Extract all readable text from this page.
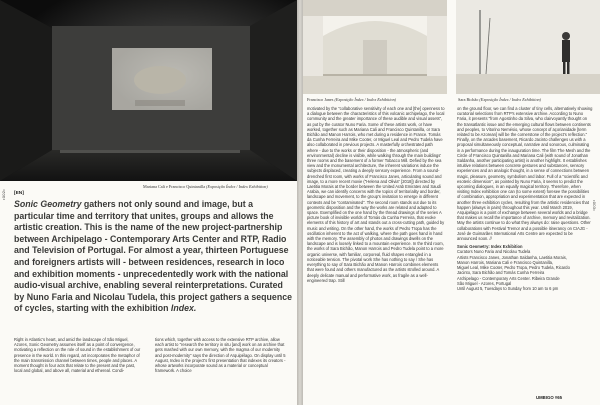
Mariana Cali e Francisco Quintanilla (Exposição Índex / Index Exhibition)
•002• [EN]

Sonic Geometry gathers not only sound and image, but a particular time and territory that unites, groups and allows the artistic creation. This is the name of the new project-partnership between Archipelago - Contemporary Arts Center and RTP, Radio and Television of Portugal. For almost a year, thirteen Portuguese and foreigners artists will - between residences, research in loco and exhibition moments - unprecedentedly work with the national audio-visual archive, enabling several reinterpretations. Curated by Nuno Faria and Nicolau Tudela, this project gathers a sequence of cycles, starting with the exhibition Index.

Right in Atlantic's heart, and amid the landscape of São Miguel, Azores, Sonic Geometry assumes itself as a point of convergence, motivating a reflection on the role of sound in the establishment of our presence in the world. In this regard, art incorporates the metaphor of the main transmission channel between times, people and places. A moment thought in four acts that relate to the present and the past, local and global, and above all, material and ethereal. Condi-

tions which, together with access to the extensive RTP archive, allow each artist to "research the territory in situ [and] work on an archive that gets mashed with our own memory, with the magma of our modernity and post-modernity" says the direction of Arquipélago. On display until 5 August, Index is the project's first presentation that indexes its creators - whose artworks incorporate sound as a material or conceptual framework. A choice

Francisco Janes (Exposição Índex / Index Exhibition)	Sara Bichão (Exposição Índex / Index Exhibition)

motivated by the "collaborative sensitivity of each one and [the] openness to a dialogue between the characteristics of this volcanic archipelago, the local community and the greater importance of these audible and visual assets", as put by the curator Nuno Faria. Some of these artists work, or have worked, together such as Mariana Cali and Francisco Quintanilla, or Sara Bichão and Manon Harrois, who met during a residence in France. Tomás da Cunha Ferreira and Mike Cooter, or Miguel Leal and Pedro Tudela have also collaborated in previous projects. A masterfully orchestrated path where - due to the works or their disposition - the atmospheric (and environmental) decline is visible, while walking through the main buildings' three rooms and the basement of a former Tobacco Mill. Defied by the sea view and the monumental architecture, the inherent variations induce the subjects displaced, creating a deeply sensory experience. From a sound-drenched first room, with works of Francisco Janes, articulating sound and image, to a more recent movie ("Helena and Olivia" [2018]) directed by Laetitia Morais at the border between the United Arab Emirates and Saudi Arabia, we can identify concerns with the topics of territoriality and border, landscape and movement, to the group's invitation to emerge in different contexts and be "contaminated". The second room stands out due to its geometric disposition and the way the works are related and adapted to space. Exemplified on the one hand by the thread drawings of the series A picture book of invisible worlds of Tomás da Cunha Ferreira, that evoke elements of this history of art and stands out a cross-cutting path, guided by music and writing. On the other hand, the works of Pedro Tropa has the oscillation inherent to the act of walking, where the path goes hand in hand with the memory. The assembly of photos and drawings dwells on the landscape and is loosely linked to a mountain experience. In the third room, the works of Sara Bichão, Manon Harrois and Pedro Tudela point to a more organic universe, with familiar, corporeal, fluid shapes entangled in a noticeable tension. The pivotal work She has nothing to say / She has everything to say of Sara Bichão and Manon Harrois combines elements that were found and others manufactured as the artists strolled around. A deeply delicate manual and performative work, as fragile as a well-engineered trap. Still

on the ground floor, we can find a cluster of tiny cells, alternatively showing curatorial selections from RTP's extensive archive. According to Nuno Faria, it presents "from Agostinho da Silva, who clairvoyantly thought on the transatlantic issue and the emerging cultural flows between continents and peoples, to Vitorino Nemésio, whose concept of açorianidade [term related to be Azorean] will be the cornerstone of the project's reflection." Finally, on the arcades basement, Ricardo Jacinto challenges us with a proposal simultaneously conceptual, narrative and sonorous, culminating in a performance during the inauguration time. The film The Mesh and the Circle of Francisco Quintanilla and Mariana Cali (with sound of Jonathan Saldanha, another participating artist) is another highlight. It establishes intuitive relations between concrete gestures and substances, sensory experiences and an analogic thought, in a sense of connections between magic, pleasure, geometry, symbolism and labor. Full of a "scientific and esoteric dimension", as pointed by Nuno Faria, it seems to predict the upcoming dialogues, in an equally magical territory. Therefore, when visiting Index exhibition one can (to some extent) foresee the possibilities of combination, appropriation and experimentation that are expected in another three exhibition cycles, resulting from the artistic residencies that happen (always in pairs) throughout this year. Until March 2019, Arquipélago is a point of exchange between several worlds and a bridge that makes us recall the importance of archive, memory and revitalization. May the artists continue to do what they always do: raise questions. Other collaborations with Festival Tremor and a possible itinerancy on CIAJG - José de Guimarães International Arts Centre are expected to be announced soon. //

Sonic Geometry: Index Exhibition
Curators Nuno Faria and Nicolau Tudela
Artists Francisco Janes, Jonathan Saldanha, Laetitia Morais,
Manon Harrois, Mariana Cali e Francisco Quintanilla,
Miguel Leal, Mike Cooter, Pedro Tropa, Pedro Tudela, Ricardo
Jacinto, Sara Bichão and Tomás Cunha Ferreira
Archipelago - Contemporary Arts Center. Ribeira Grande
São Miguel - Azores, Portugal
Until August 5, Tuesdays to Sunday from 10 am to 6 pm
UMBIGO #65
•003•
